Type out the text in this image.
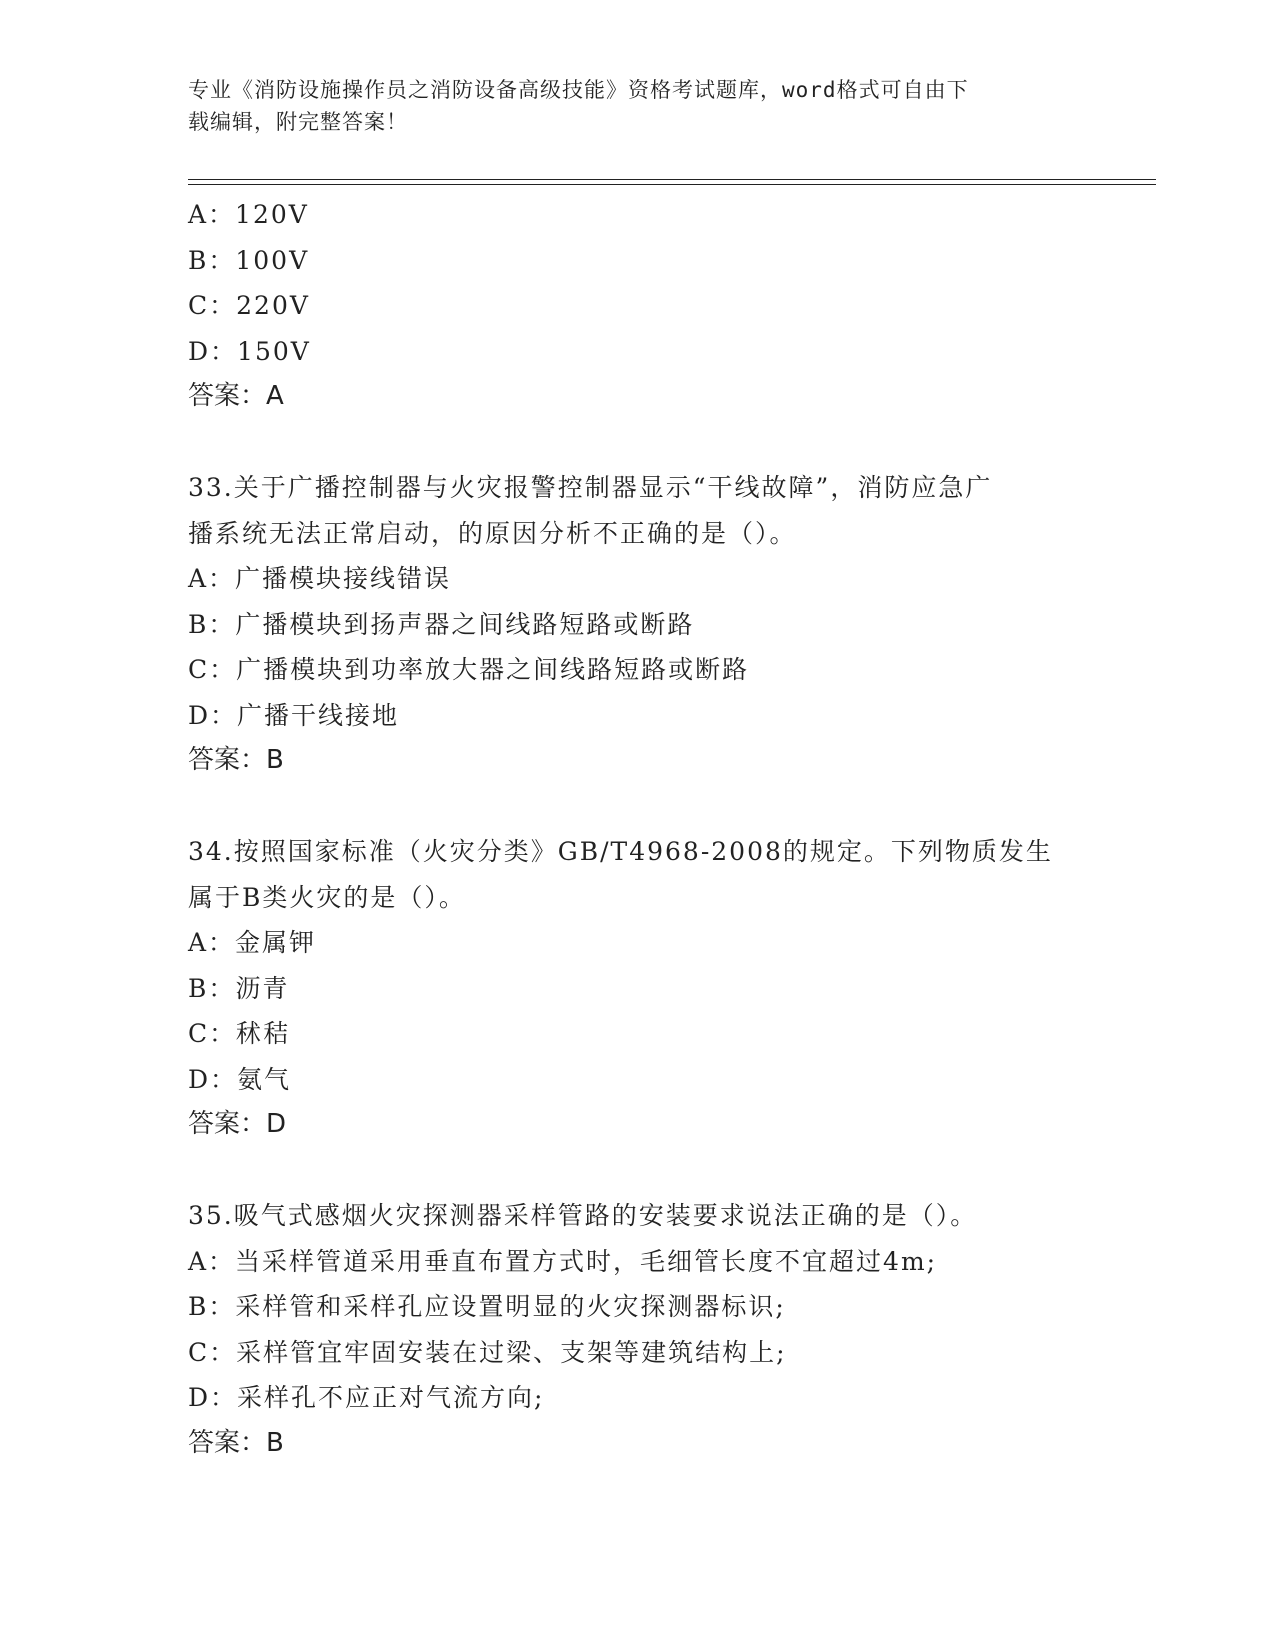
专业《消防设施操作员之消防设备高级技能》资格考试题库，word格式可自由下
载编辑，附完整答案！
A：120V
B：100V
C：220V
D：150V
答案：A
33.关于广播控制器与火灾报警控制器显示“干线故障”，消防应急广
播系统无法正常启动，的原因分析不正确的是（）。
A：广播模块接线错误
B：广播模块到扬声器之间线路短路或断路
C：广播模块到功率放大器之间线路短路或断路
D：广播干线接地
答案：B
34.按照国家标准（火灾分类》GB/T4968-2008的规定。下列物质发生
属于B类火灾的是（）。
A：金属钾
B：沥青
C：秫秸
D：氨气
答案：D
35.吸气式感烟火灾探测器采样管路的安装要求说法正确的是（）。
A：当采样管道采用垂直布置方式时，毛细管长度不宜超过4m;
B：采样管和采样孔应设置明显的火灾探测器标识;
C：采样管宜牢固安装在过梁、支架等建筑结构上;
D：采样孔不应正对气流方向;
答案：B
